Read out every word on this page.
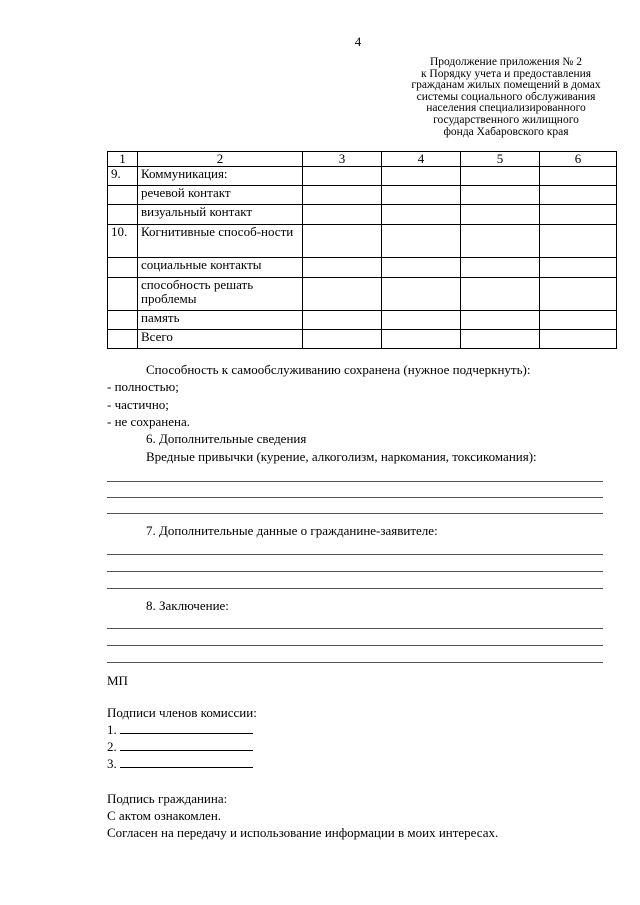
4
Продолжение приложения № 2
к Порядку учета и предоставления
гражданам жилых помещений в домах
системы социального обслуживания
населения специализированного
государственного жилищного
фонда Хабаровского края
1	2	3	4	5	6
9.	Коммуникация:				
	речевой контакт				
	визуальный контакт				
10.	Когнитивные способ-ности				
	социальные контакты				
	способность решать проблемы				
	память				
	Всего				
Способность к самообслуживанию сохранена (нужное подчеркнуть):
- полностью;
- частично;
- не сохранена.
6. Дополнительные сведения
Вредные привычки (курение, алкоголизм, наркомания, токсикомания):
7. Дополнительные данные о гражданине-заявителе:
8. Заключение:
МП
Подписи членов комиссии:
1.
2.
3.
Подпись гражданина:
С актом ознакомлен.
Согласен на передачу и использование информации в моих интересах.
